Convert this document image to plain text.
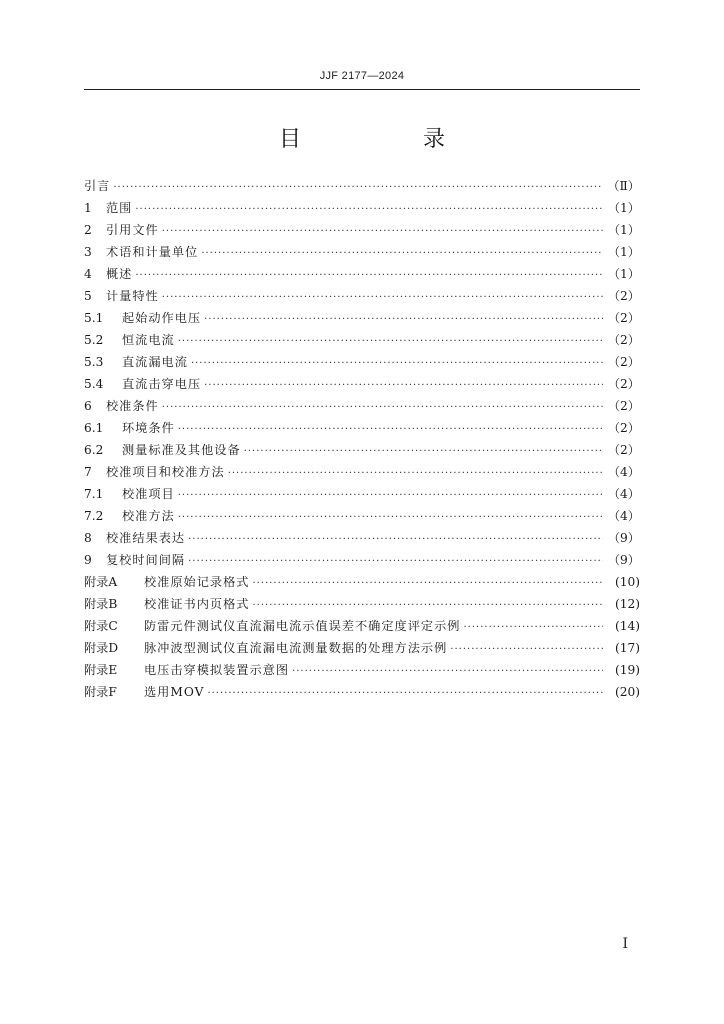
JJF 2177—2024
目　录
引言 ·····	（Ⅱ）
1	范围 ·····	（1）
2	引用文件 ·····	（1）
3	术语和计量单位 ·····	（1）
4	概述 ·····	（1）
5	计量特性 ·····	（2）
5.1	起始动作电压 ·····	（2）
5.2	恒流电流 ·····	（2）
5.3	直流漏电流 ·····	（2）
5.4	直流击穿电压 ·····	（2）
6	校准条件 ·····	（2）
6.1	环境条件 ·····	（2）
6.2	测量标准及其他设备 ·····	（2）
7	校准项目和校准方法 ·····	（4）
7.1	校准项目 ·····	（4）
7.2	校准方法 ·····	（4）
8	校准结果表达 ·····	（9）
9	复校时间间隔 ·····	（9）
附录A	校准原始记录格式 ·····	(10)
附录B	校准证书内页格式 ·····	(12)
附录C	防雷元件测试仪直流漏电流示值误差不确定度评定示例 ·····	(14)
附录D	脉冲波型测试仪直流漏电流测量数据的处理方法示例 ·····	(17)
附录E	电压击穿模拟装置示意图 ·····	(19)
附录F	选用MOV ·····	(20)
I
